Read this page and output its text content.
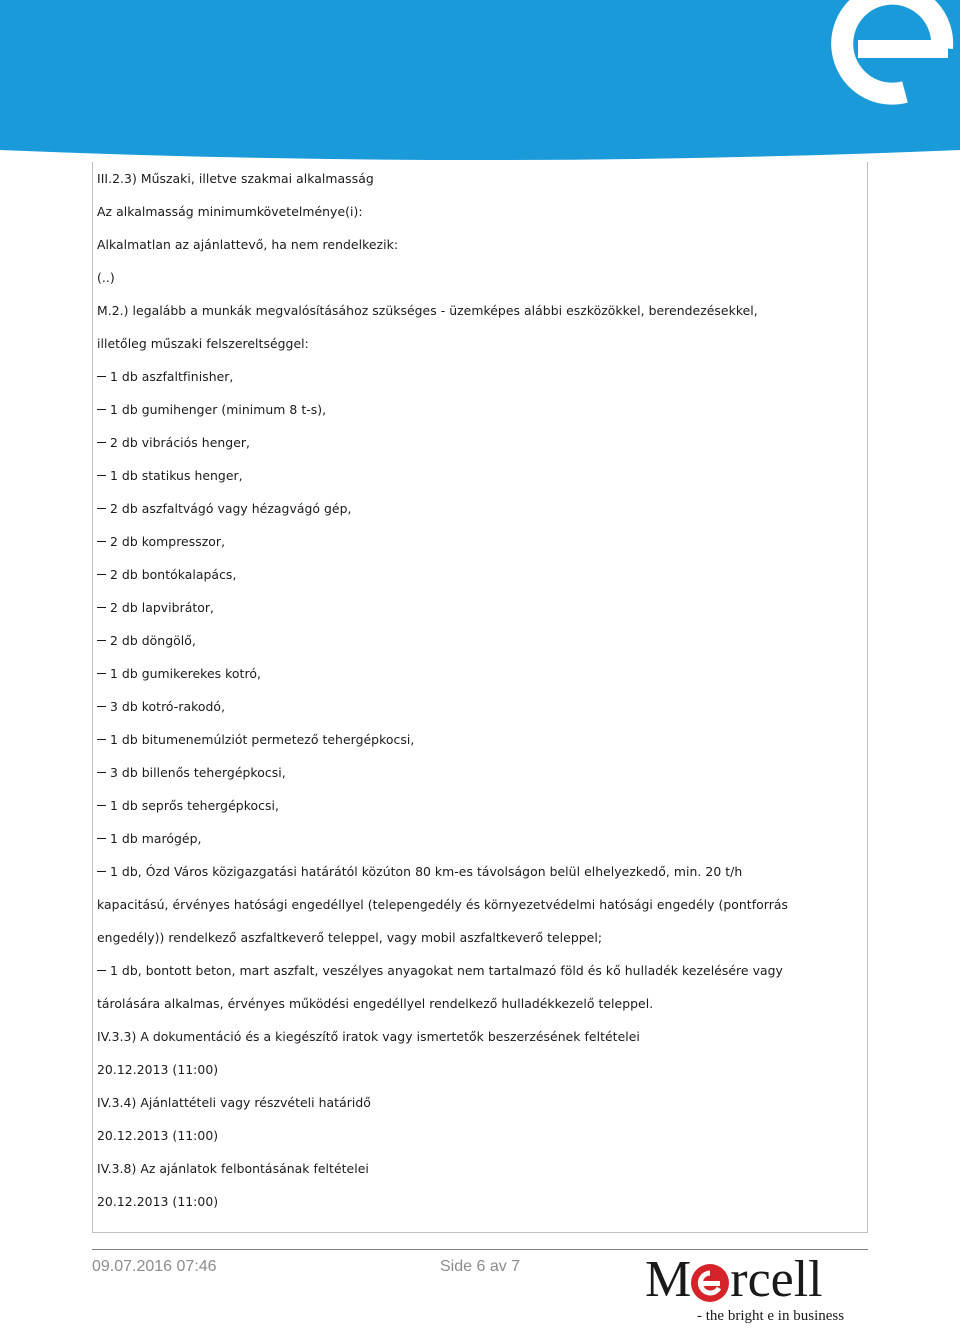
III.2.3) Műszaki, illetve szakmai alkalmasság
Az alkalmasság minimumkövetelménye(i):
Alkalmatlan az ajánlattevő, ha nem rendelkezik:
(..)
M.2.) legalább a munkák megvalósításához szükséges - üzemképes alábbi eszközökkel, berendezésekkel,
illetőleg műszaki felszereltséggel:
1 db aszfaltfinisher,
1 db gumihenger (minimum 8 t-s),
2 db vibrációs henger,
1 db statikus henger,
2 db aszfaltvágó vagy hézagvágó gép,
2 db kompresszor,
2 db bontókalapács,
2 db lapvibrátor,
2 db döngölő,
1 db gumikerekes kotró,
3 db kotró-rakodó,
1 db bitumenemúlziót permetező tehergépkocsi,
3 db billenős tehergépkocsi,
1 db seprős tehergépkocsi,
1 db marógép,
1 db, Ózd Város közigazgatási határától közúton 80 km-es távolságon belül elhelyezkedő, min. 20 t/h
kapacitású, érvényes hatósági engedéllyel (telepengedély és környezetvédelmi hatósági engedély (pontforrás
engedély)) rendelkező aszfaltkeverő teleppel, vagy mobil aszfaltkeverő teleppel;
1 db, bontott beton, mart aszfalt, veszélyes anyagokat nem tartalmazó föld és kő hulladék kezelésére vagy
tárolására alkalmas, érvényes működési engedéllyel rendelkező hulladékkezelő teleppel.
IV.3.3) A dokumentáció és a kiegészítő iratok vagy ismertetők beszerzésének feltételei
20.12.2013 (11:00)
IV.3.4) Ajánlattételi vagy részvételi határidő
20.12.2013 (11:00)
IV.3.8) Az ajánlatok felbontásának feltételei
20.12.2013 (11:00)
09.07.2016 07:46	Side 6 av 7 M rcell
- the bright e in business
